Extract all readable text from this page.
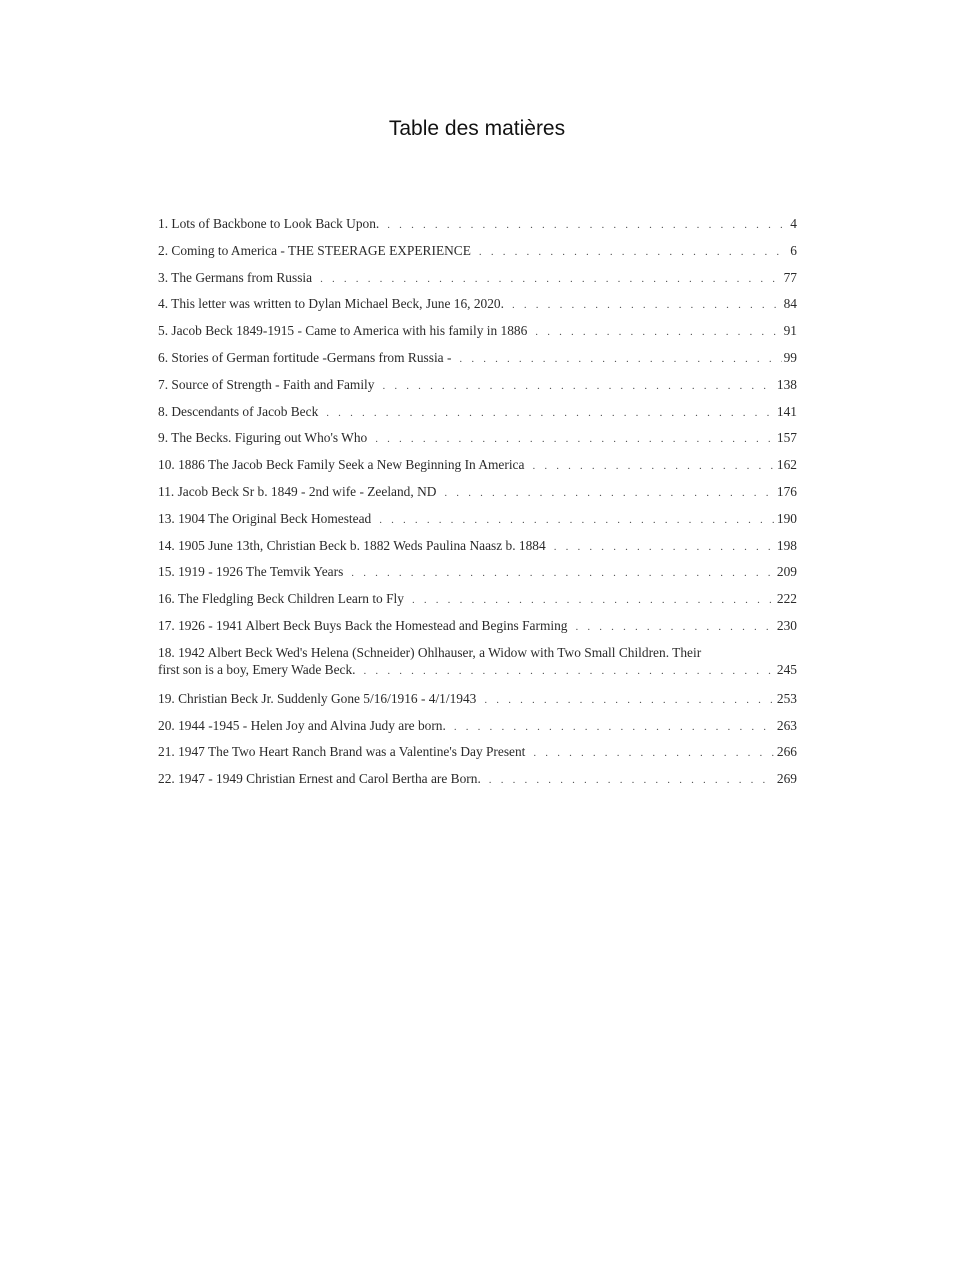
Table des matières
1. Lots of Backbone to Look Back Upon. . . .	4
2. Coming to America - THE STEERAGE EXPERIENCE . . .	6
3. The Germans from Russia . . .	77
4. This letter was written to Dylan Michael Beck, June 16, 2020. . . .	84
5. Jacob Beck 1849-1915 - Came to America with his family in 1886 . . .	91
6. Stories of German fortitude -Germans from Russia - . . .	99
7. Source of Strength - Faith and Family . . .	138
8. Descendants of Jacob Beck . . .	141
9. The Becks. Figuring out Who's Who . . .	157
10. 1886 The Jacob Beck Family Seek a New Beginning In America . . .	162
11. Jacob Beck Sr b. 1849 - 2nd wife - Zeeland, ND . . .	176
13. 1904 The Original Beck Homestead . . .	190
14. 1905 June 13th, Christian Beck b. 1882 Weds Paulina Naasz b. 1884 . . .	198
15. 1919 - 1926 The Temvik Years . . .	209
16. The Fledgling Beck Children Learn to Fly . . .	222
17. 1926 - 1941 Albert Beck Buys Back the Homestead and Begins Farming . . .	230
18. 1942 Albert Beck Wed's Helena (Schneider) Ohlhauser, a Widow with Two Small Children. Their
first son is a boy, Emery Wade Beck. . . .	245
19. Christian Beck Jr. Suddenly Gone 5/16/1916 - 4/1/1943 . . .	253
20. 1944 -1945 - Helen Joy and Alvina Judy are born. . . .	263
21. 1947 The Two Heart Ranch Brand was a Valentine's Day Present . . .	266
22. 1947 - 1949 Christian Ernest and Carol Bertha are Born. . . .	269
